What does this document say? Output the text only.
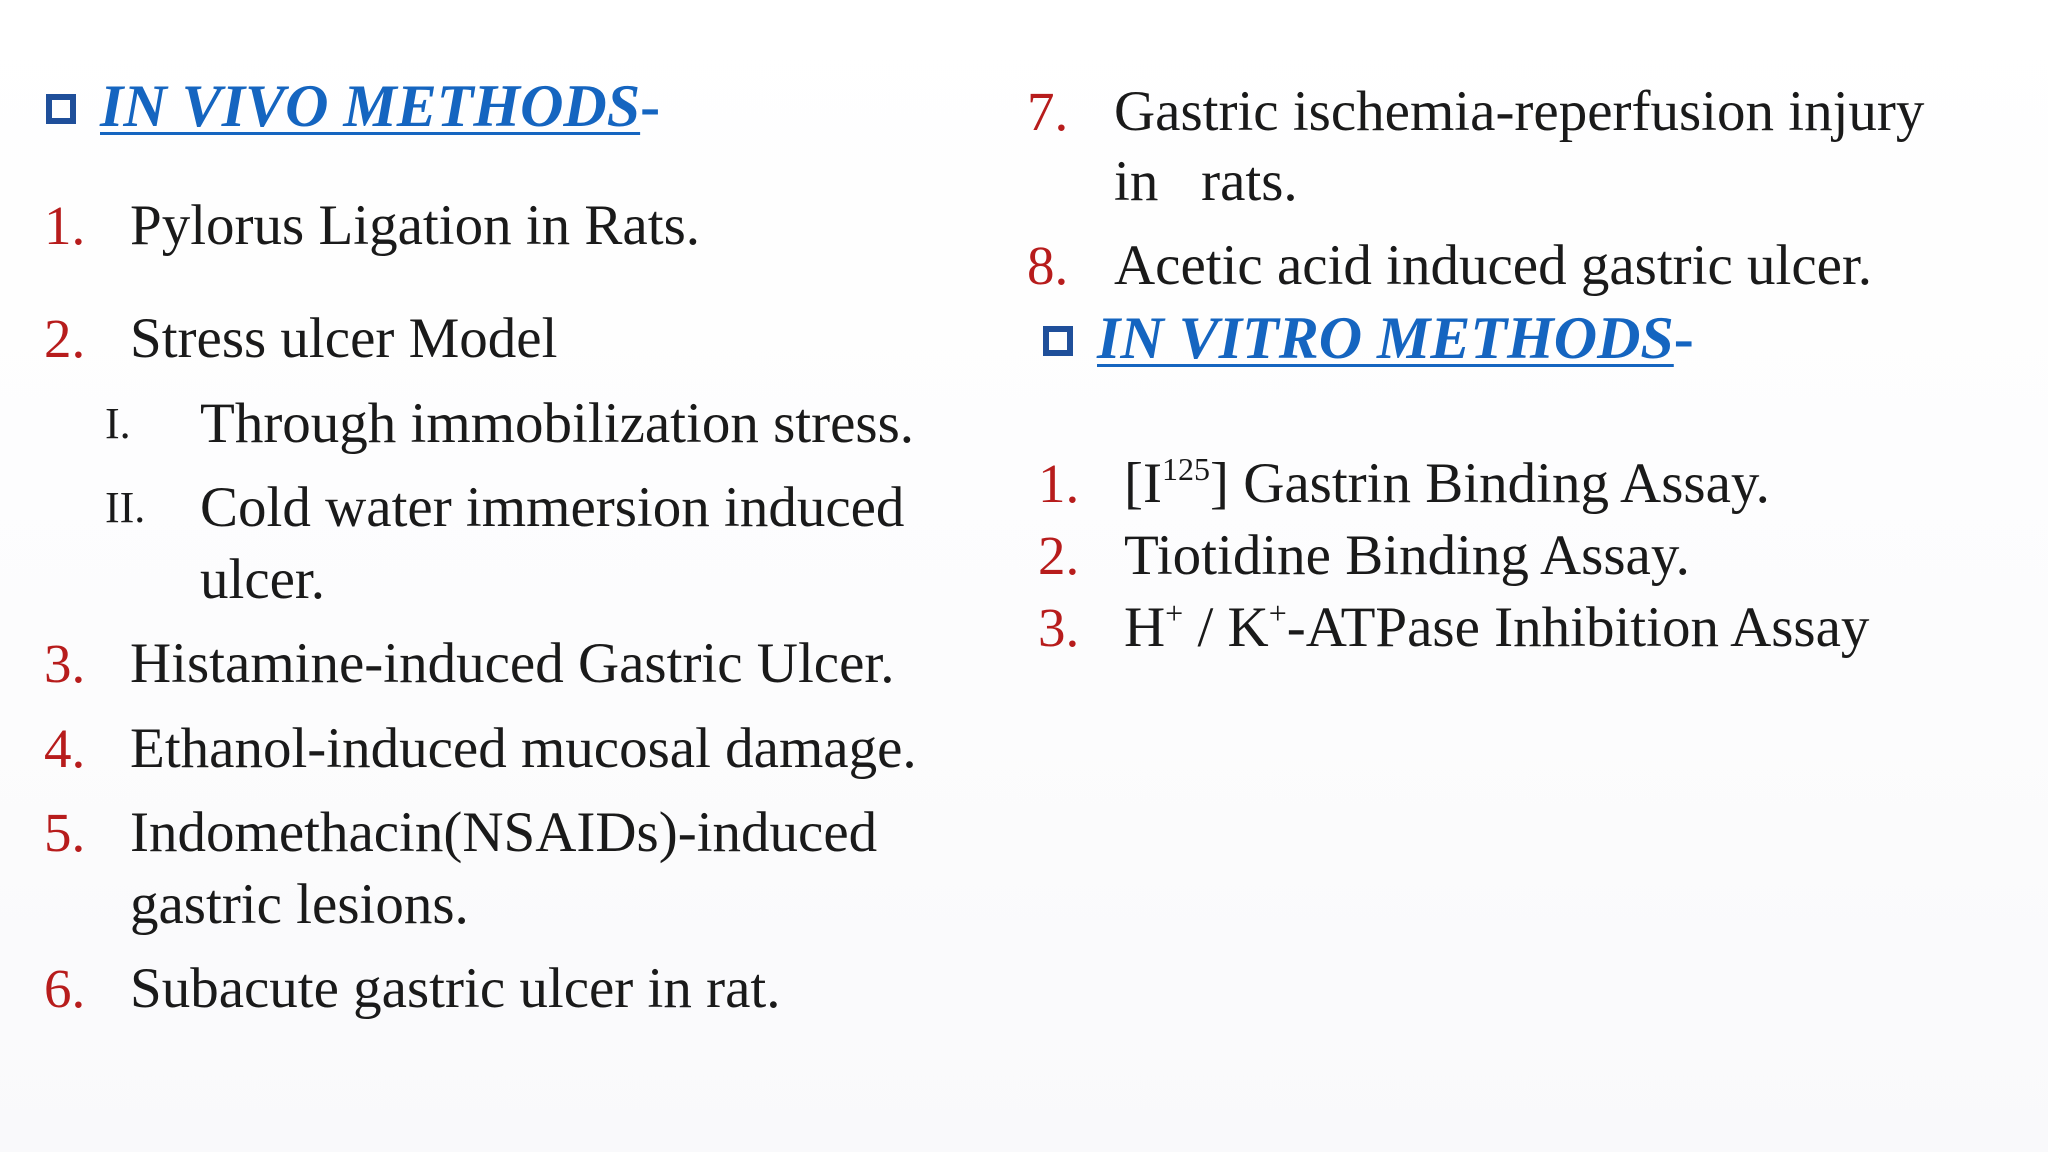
IN VIVO METHODS -
1. Pylorus Ligation in Rats.
2. Stress ulcer Model
I. Through immobilization stress.
II. Cold water immersion induced
ulcer.
3. Histamine-induced Gastric Ulcer.
4. Ethanol-induced mucosal damage.
5. Indomethacin(NSAIDs)-induced
gastric lesions.
6. Subacute gastric ulcer in rat.
7. Gastric ischemia-reperfusion injury
in   rats.
8. Acetic acid induced gastric ulcer.
IN VITRO METHODS -
1. $[I^{125}]$ Gastrin Binding Assay.
2. Tiotidine Binding Assay.
3. H+ / K+-ATPase Inhibition Assay
